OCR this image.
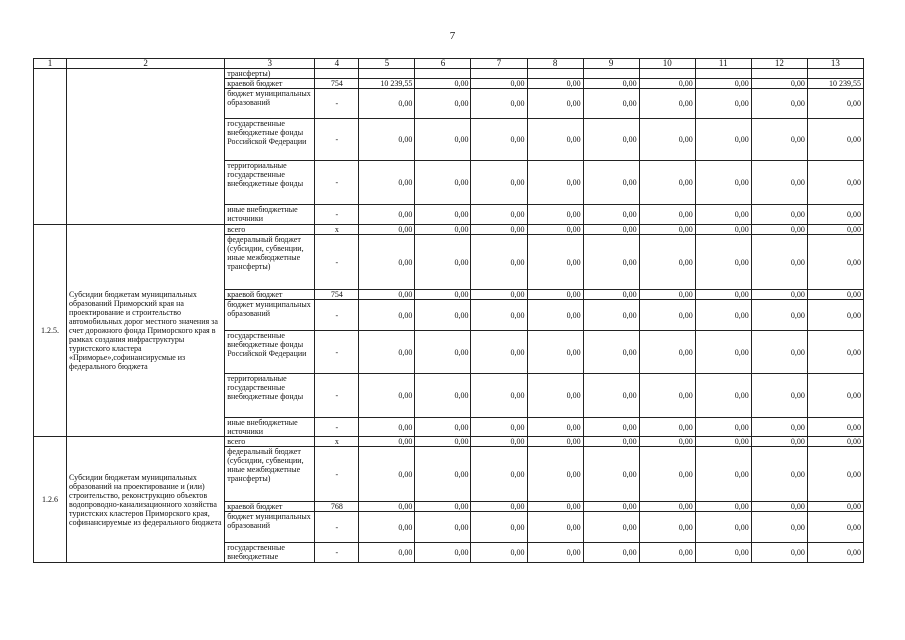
7
1	2	3	4	5	6	7	8	9	10	11	12	13
		трансферты)										
		краевой бюджет	754	10 239,55	0,00	0,00	0,00	0,00	0,00	0,00	0,00	10 239,55
		бюджет муниципальных образований	-	0,00	0,00	0,00	0,00	0,00	0,00	0,00	0,00	0,00
		государственные внебюджетные фонды Российской Федерации	-	0,00	0,00	0,00	0,00	0,00	0,00	0,00	0,00	0,00
		территориальные государственные внебюджетные фонды	-	0,00	0,00	0,00	0,00	0,00	0,00	0,00	0,00	0,00
		иные внебюджетные источники	-	0,00	0,00	0,00	0,00	0,00	0,00	0,00	0,00	0,00
1.2.5.	Субсидии бюджетам муниципальных образований Приморский края на проектирование и строительство автомобильных дорог местного значения за счет дорожного фонда Приморского края в рамках создания инфраструктуры туристского кластера «Приморье»,софинансирусмые из федерального бюджета	всего	х	0,00	0,00	0,00	0,00	0,00	0,00	0,00	0,00	0,00
		федеральный бюджет (субсидии, субвенции, иные межбюджетные трансферты)	-	0,00	0,00	0,00	0,00	0,00	0,00	0,00	0,00	0,00
		краевой бюджет	754	0,00	0,00	0,00	0,00	0,00	0,00	0,00	0,00	0,00
		бюджет муниципальных образований	-	0,00	0,00	0,00	0,00	0,00	0,00	0,00	0,00	0,00
		государственные внебюджетные фонды Российской Федерации	-	0,00	0,00	0,00	0,00	0,00	0,00	0,00	0,00	0,00
		территориальные государственные внебюджетные фонды	-	0,00	0,00	0,00	0,00	0,00	0,00	0,00	0,00	0,00
		иные внебюджетные источники	-	0,00	0,00	0,00	0,00	0,00	0,00	0,00	0,00	0,00
1.2.6	Субсидии бюджетам муниципальных образований на проектирование и (или) строительство, реконструкцию объектов водопроводно-канализационного хозяйства туристских кластеров Приморского края, софинансируемые из федерального бюджета	всего	х	0,00	0,00	0,00	0,00	0,00	0,00	0,00	0,00	0,00
		федеральный бюджет (субсидии, субвенции, иные межбюджетные трансферты)	-	0,00	0,00	0,00	0,00	0,00	0,00	0,00	0,00	0,00
		краевой бюджет	768	0,00	0,00	0,00	0,00	0,00	0,00	0,00	0,00	0,00
		бюджет муниципальных образований	-	0,00	0,00	0,00	0,00	0,00	0,00	0,00	0,00	0,00
		государственные внебюджетные	-	0,00	0,00	0,00	0,00	0,00	0,00	0,00	0,00	0,00
